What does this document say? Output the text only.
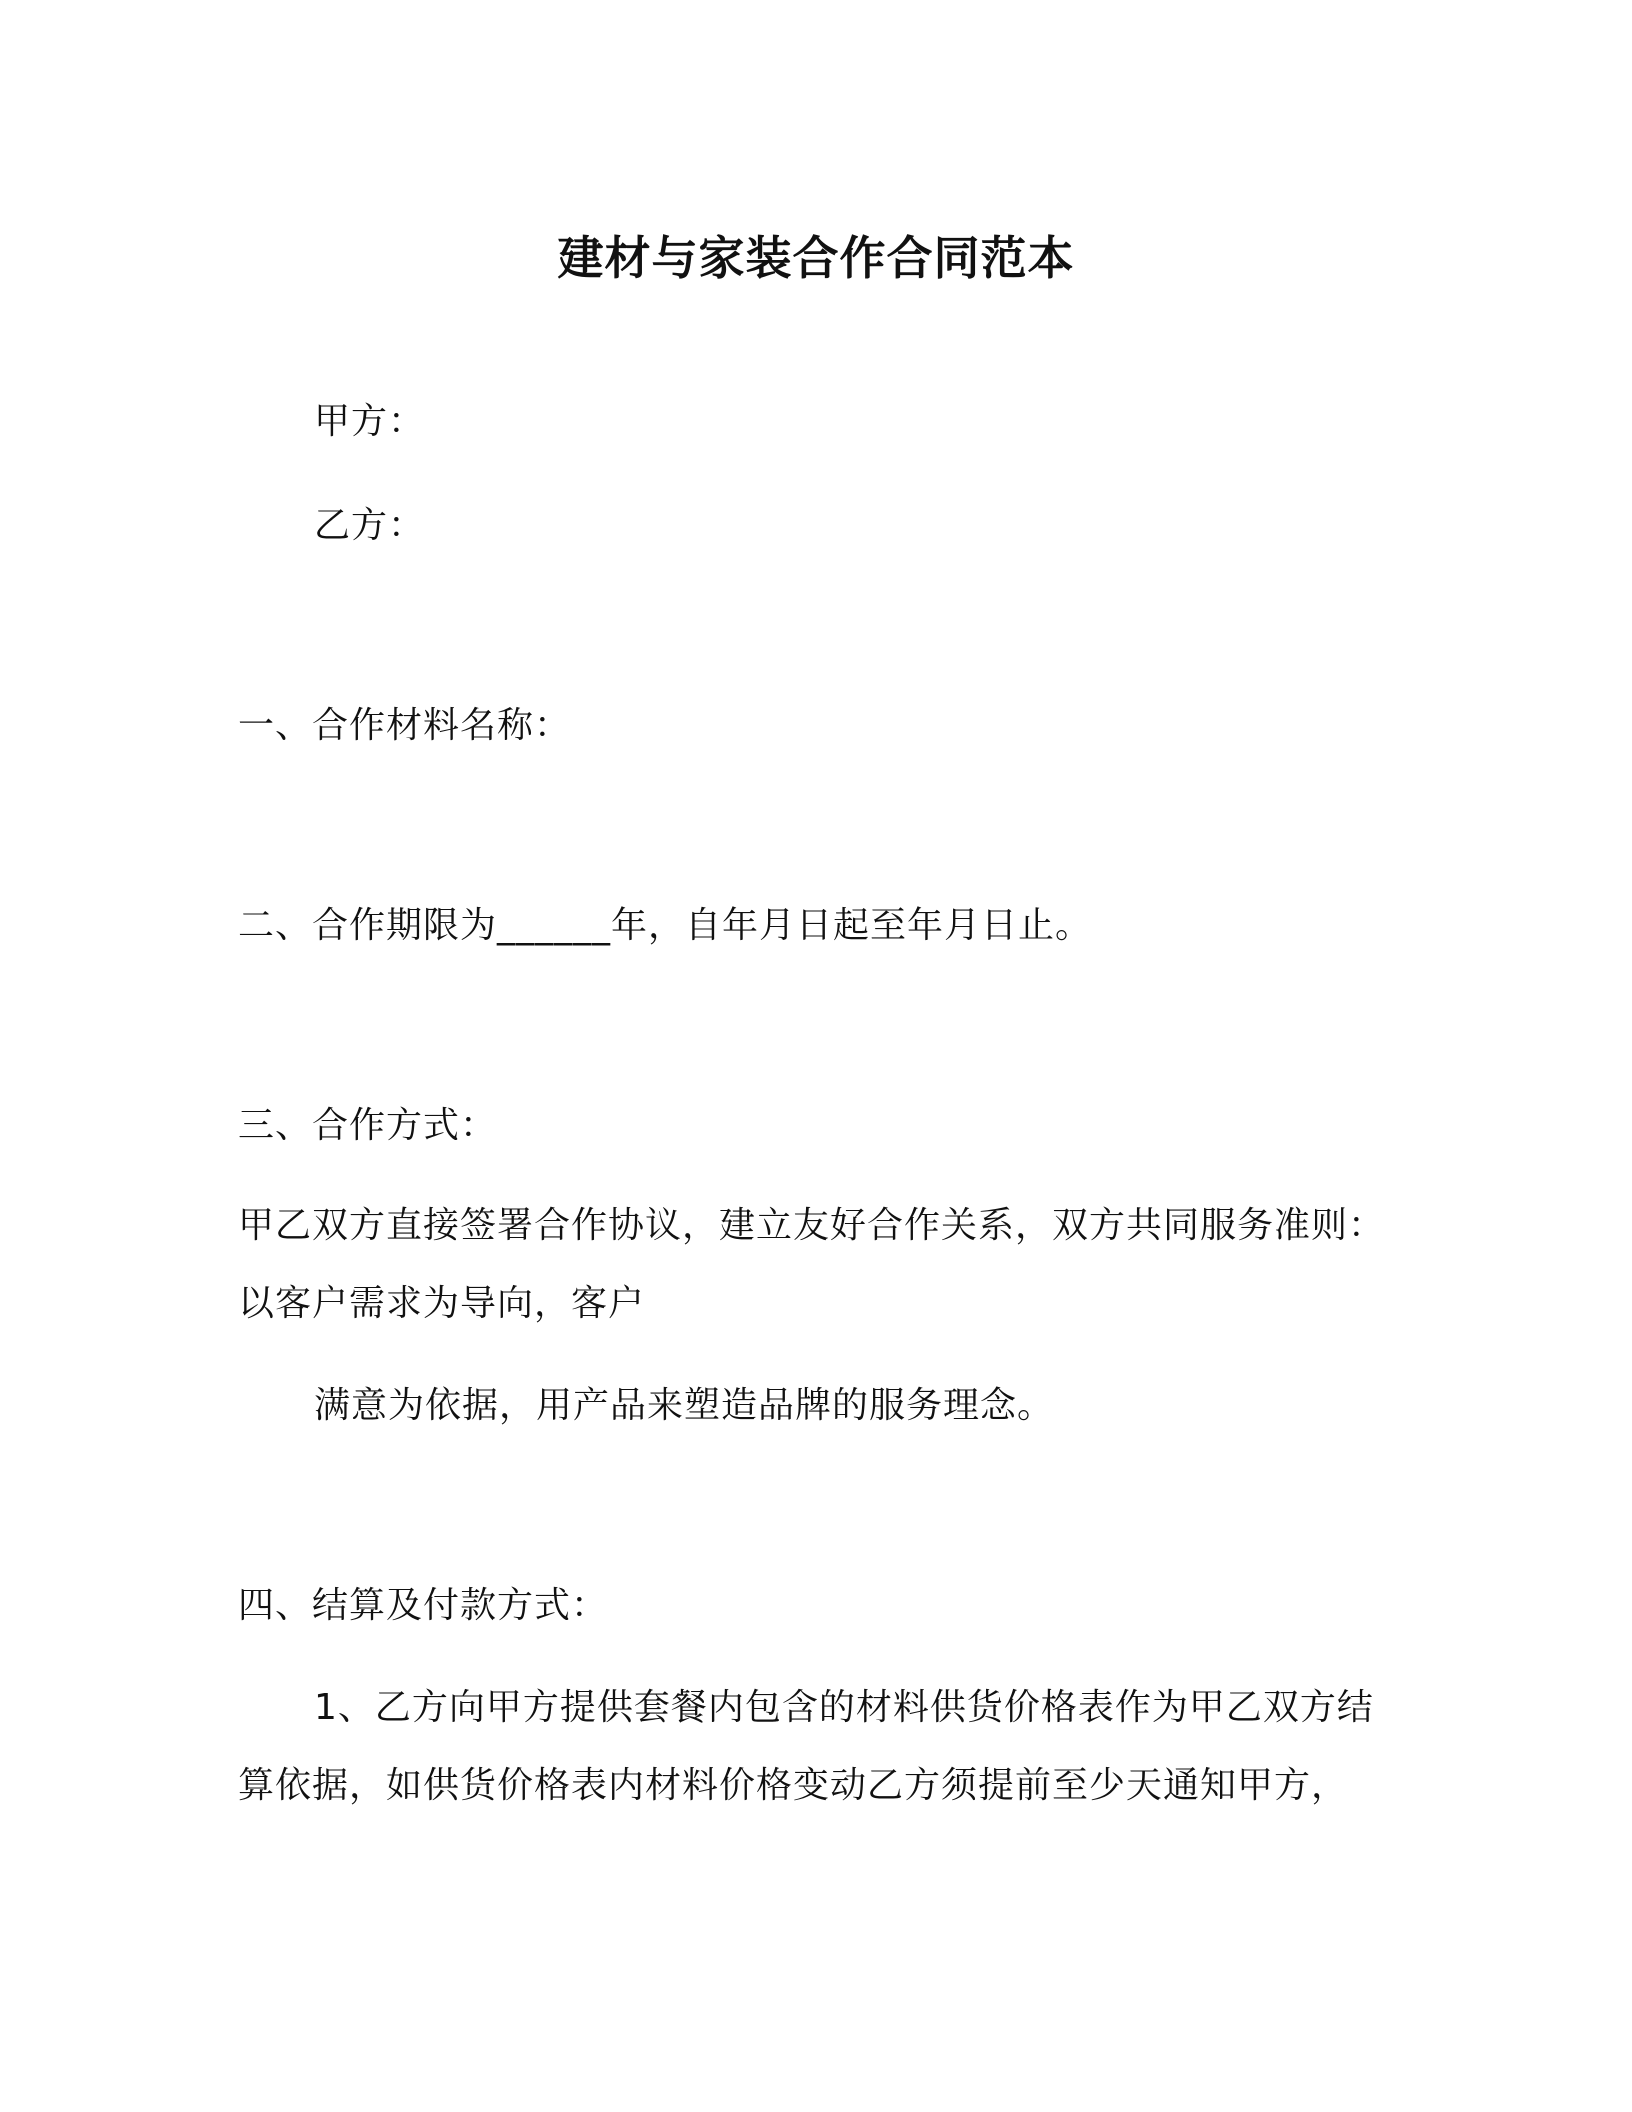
建材与家装合作合同范本
甲方：
乙方：
一、合作材料名称：
二、合作期限为______年，自年月日起至年月日止。
三、合作方式：
甲乙双方直接签署合作协议，建立友好合作关系，双方共同服务准则：
以客户需求为导向，客户
满意为依据，用产品来塑造品牌的服务理念。
四、结算及付款方式：
1、乙方向甲方提供套餐内包含的材料供货价格表作为甲乙双方结
算依据，如供货价格表内材料价格变动乙方须提前至少天通知甲方，
